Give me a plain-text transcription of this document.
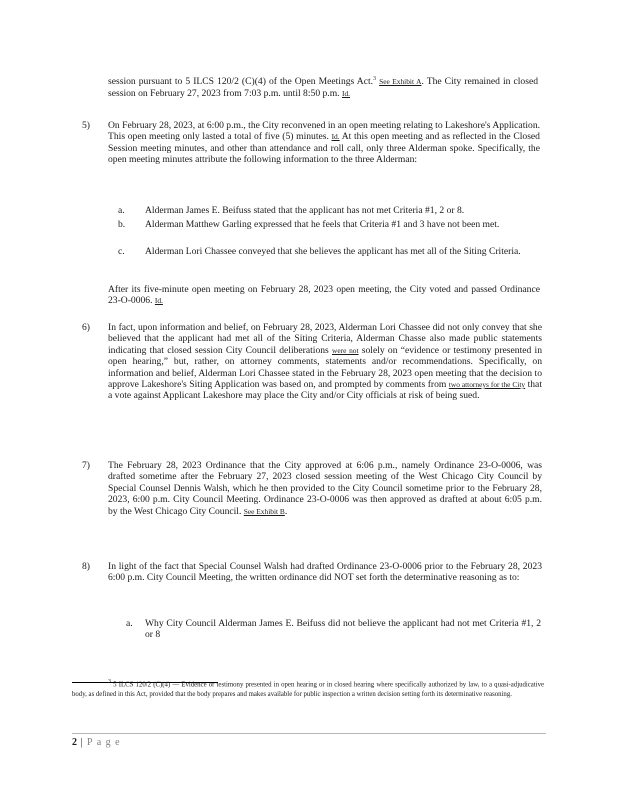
session pursuant to 5 ILCS 120/2 (C)(4) of the Open Meetings Act.$^3$ See Exhibit A. The City remained in closed session on February 27, 2023 from 7:03 p.m. until 8:50 p.m. Id.
5) On February 28, 2023, at 6:00 p.m., the City reconvened in an open meeting relating to Lakeshore's Application. This open meeting only lasted a total of five (5) minutes. Id. At this open meeting and as reflected in the Closed Session meeting minutes, and other than attendance and roll call, only three Alderman spoke. Specifically, the open meeting minutes attribute the following information to the three Alderman:
a. Alderman James E. Beifuss stated that the applicant has not met Criteria #1, 2 or 8.
b. Alderman Matthew Garling expressed that he feels that Criteria #1 and 3 have not been met.
c. Alderman Lori Chassee conveyed that she believes the applicant has met all of the Siting Criteria.
After its five-minute open meeting on February 28, 2023 open meeting, the City voted and passed Ordinance 23-O-0006. Id.
6) In fact, upon information and belief, on February 28, 2023, Alderman Lori Chassee did not only convey that she believed that the applicant had met all of the Siting Criteria, Alderman Chasse also made public statements indicating that closed session City Council deliberations were not solely on “evidence or testimony presented in open hearing,” but, rather, on attorney comments, statements and/or recommendations. Specifically, on information and belief, Alderman Lori Chassee stated in the February 28, 2023 open meeting that the decision to approve Lakeshore's Siting Application was based on, and prompted by comments from two attorneys for the City that a vote against Applicant Lakeshore may place the City and/or City officials at risk of being sued.
7) The February 28, 2023 Ordinance that the City approved at 6:06 p.m., namely Ordinance 23-O-0006, was drafted sometime after the February 27, 2023 closed session meeting of the West Chicago City Council by Special Counsel Dennis Walsh, which he then provided to the City Council sometime prior to the February 28, 2023, 6:00 p.m. City Council Meeting. Ordinance 23-O-0006 was then approved as drafted at about 6:05 p.m. by the West Chicago City Council. See Exhibit B.
8) In light of the fact that Special Counsel Walsh had drafted Ordinance 23-O-0006 prior to the February 28, 2023 6:00 p.m. City Council Meeting, the written ordinance did NOT set forth the determinative reasoning as to:
a. Why City Council Alderman James E. Beifuss did not believe the applicant had not met Criteria #1, 2 or 8
$^3$ 5 ILCS 120/2 (C)(4) — Evidence or testimony presented in open hearing or in closed hearing where specifically authorized by law, to a quasi-adjudicative body, as defined in this Act, provided that the body prepares and makes available for public inspection a written decision setting forth its determinative reasoning.
2 | P a g e
